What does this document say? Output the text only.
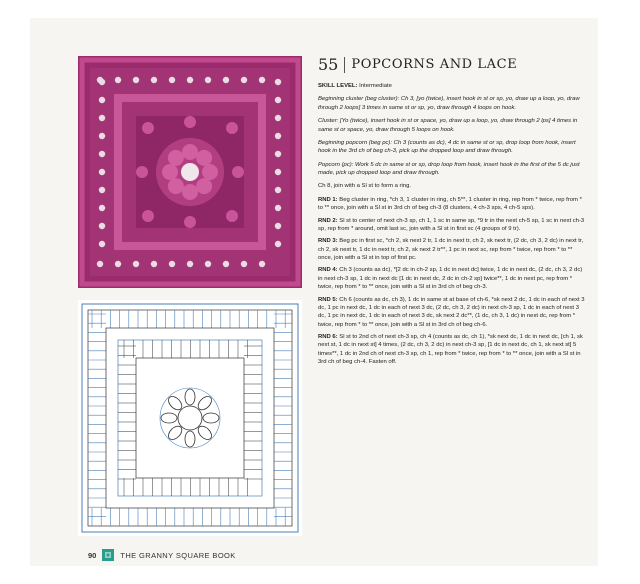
55 POPCORNS AND LACE
SKILL LEVEL: Intermediate
Beginning cluster (beg cluster): Ch 3, [yo (twice), insert hook in st or sp, yo, draw up a loop, yo, draw through 2 loops] 3 times in same st or sp, yo, draw through 4 loops on hook.
Cluster: [Yo (twice), insert hook in st or space, yo, draw up a loop, yo, draw through 2 lps] 4 times in same st or space, yo, draw through 5 loops on hook.
Beginning popcorn (beg pc): Ch 3 (counts as dc), 4 dc in same st or sp, drop loop from hook, insert hook in the 3rd ch of beg ch-3, pick up the dropped loop and draw through.
Popcorn (pc): Work 5 dc in same st or sp, drop loop from hook, insert hook in the first of the 5 dc just made, pick up dropped loop and draw through.
Ch 8, join with a Sl st to form a ring.
RND 1: Beg cluster in ring, *ch 3, 1 cluster in ring, ch 5**, 1 cluster in ring, rep from * twice, rep from * to ** once, join with a Sl st in 3rd ch of beg ch-3 (8 clusters, 4 ch-3 sps, 4 ch-5 sps).
RND 2: Sl st to center of next ch-3 sp, ch 1, 1 sc in same sp, *9 tr in the next ch-5 sp, 1 sc in next ch-3 sp, rep from * around, omit last sc, join with a Sl st in first sc (4 groups of 9 tr).
RND 3: Beg pc in first sc, *ch 2, sk next 2 tr, 1 dc in next tr, ch 2, sk next tr, (2 dc, ch 3, 2 dc) in next tr, ch 2, sk next tr, 1 dc in next tr, ch 2, sk next 2 tr**, 1 pc in next sc, rep from * twice, rep from * to ** once, join with a Sl st in top of first pc.
RND 4: Ch 3 (counts as dc), *[2 dc in ch-2 sp, 1 dc in next dc] twice, 1 dc in next dc, (2 dc, ch 3, 2 dc) in next ch-3 sp, 1 dc in next dc [1 dc in next dc, 2 dc in ch-2 sp] twice**, 1 dc in next pc, rep from * twice, rep from * to ** once, join with a Sl st in 3rd ch of beg ch-3.
RND 5: Ch 6 (counts as dc, ch 3), 1 dc in same st at base of ch-6, *sk next 2 dc, 1 dc in each of next 3 dc, 1 pc in next dc, 1 dc in each of next 3 dc, (2 dc, ch 3, 2 dc) in next ch-3 sp, 1 dc in each of next 3 dc, 1 pc in next dc, 1 dc in each of next 3 dc, sk next 2 dc**, (1 dc, ch 3, 1 dc) in next dc, rep from * twice, rep from * to ** once, join with a Sl st in 3rd ch of beg ch-6.
RND 6: Sl st to 2nd ch of next ch-3 sp, ch 4 (counts as dc, ch 1), *sk next dc, 1 dc in next dc, [ch 1, sk next st, 1 dc in next st] 4 times, (2 dc, ch 3, 2 dc) in next ch-3 sp, [1 dc in next dc, ch 1, sk next st] 5 times**, 1 dc in 2nd ch of next ch-3 sp, ch 1, rep from * twice, rep from * to ** once, join with a Sl st in 3rd ch of beg ch-4. Fasten off.
90	THE GRANNY SQUARE BOOK
